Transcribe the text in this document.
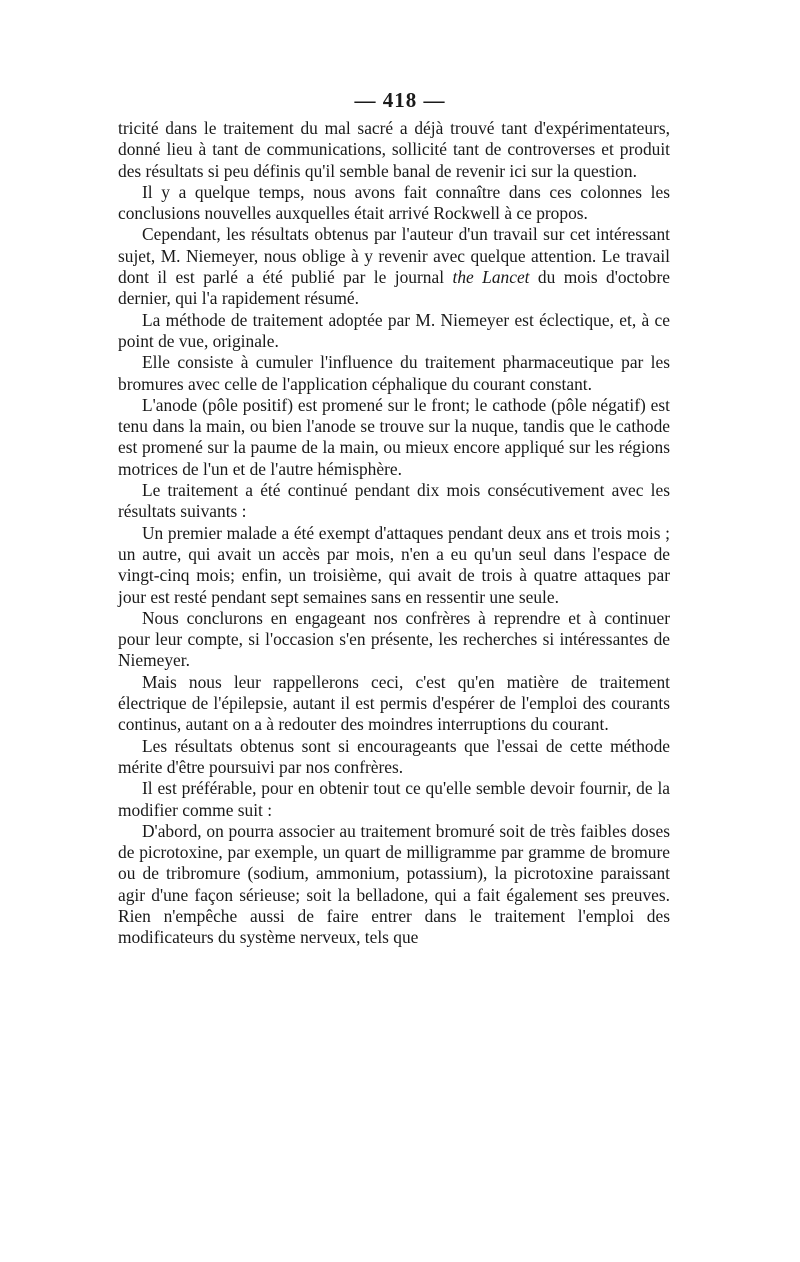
— 418 —

tricité dans le traitement du mal sacré a déjà trouvé tant d'expérimentateurs, donné lieu à tant de communications, sollicité tant de controverses et produit des résultats si peu définis qu'il semble banal de revenir ici sur la question.

Il y a quelque temps, nous avons fait connaître dans ces colonnes les conclusions nouvelles auxquelles était arrivé Rockwell à ce propos.

Cependant, les résultats obtenus par l'auteur d'un travail sur cet intéressant sujet, M. Niemeyer, nous oblige à y revenir avec quelque attention. Le travail dont il est parlé a été publié par le journal the Lancet du mois d'octobre dernier, qui l'a rapidement résumé.

La méthode de traitement adoptée par M. Niemeyer est éclectique, et, à ce point de vue, originale.

Elle consiste à cumuler l'influence du traitement pharmaceutique par les bromures avec celle de l'application céphalique du courant constant.

L'anode (pôle positif) est promené sur le front; le cathode (pôle négatif) est tenu dans la main, ou bien l'anode se trouve sur la nuque, tandis que le cathode est promené sur la paume de la main, ou mieux encore appliqué sur les régions motrices de l'un et de l'autre hémisphère.

Le traitement a été continué pendant dix mois consécutivement avec les résultats suivants :

Un premier malade a été exempt d'attaques pendant deux ans et trois mois ; un autre, qui avait un accès par mois, n'en a eu qu'un seul dans l'espace de vingt-cinq mois; enfin, un troisième, qui avait de trois à quatre attaques par jour est resté pendant sept semaines sans en ressentir une seule.

Nous conclurons en engageant nos confrères à reprendre et à continuer pour leur compte, si l'occasion s'en présente, les recherches si intéressantes de Niemeyer.

Mais nous leur rappellerons ceci, c'est qu'en matière de traitement électrique de l'épilepsie, autant il est permis d'espérer de l'emploi des courants continus, autant on a à redouter des moindres interruptions du courant.

Les résultats obtenus sont si encourageants que l'essai de cette méthode mérite d'être poursuivi par nos confrères.

Il est préférable, pour en obtenir tout ce qu'elle semble devoir fournir, de la modifier comme suit :

D'abord, on pourra associer au traitement bromuré soit de très faibles doses de picrotoxine, par exemple, un quart de milligramme par gramme de bromure ou de tribromure (sodium, ammonium, potassium), la picrotoxine paraissant agir d'une façon sérieuse; soit la belladone, qui a fait également ses preuves. Rien n'empêche aussi de faire entrer dans le traitement l'emploi des modificateurs du système nerveux, tels que
